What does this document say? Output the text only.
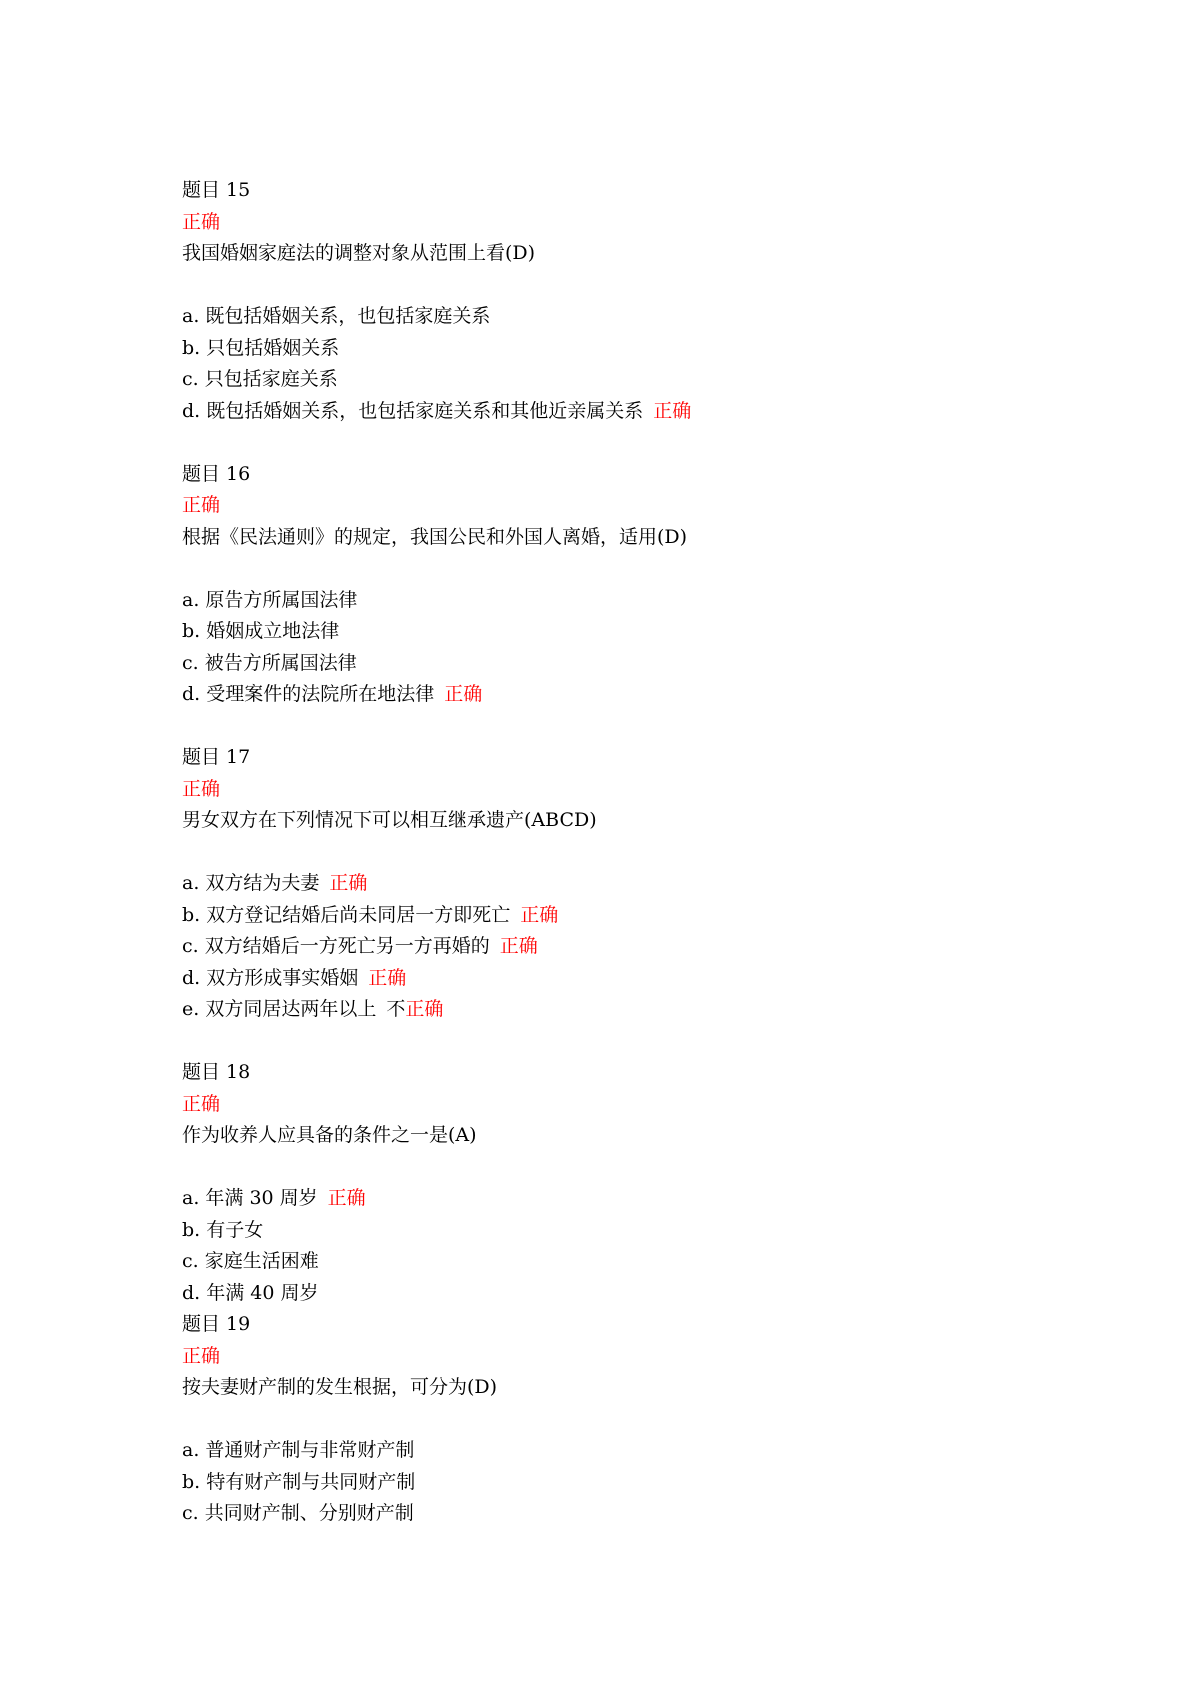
题目 15
正确
我国婚姻家庭法的调整对象从范围上看(D)
a. 既包括婚姻关系，也包括家庭关系
b. 只包括婚姻关系
c. 只包括家庭关系
d. 既包括婚姻关系，也包括家庭关系和其他近亲属关系 正确
题目 16
正确
根据《民法通则》的规定，我国公民和外国人离婚，适用(D)
a. 原告方所属国法律
b. 婚姻成立地法律
c. 被告方所属国法律
d. 受理案件的法院所在地法律 正确
题目 17
正确
男女双方在下列情况下可以相互继承遗产(ABCD)
a. 双方结为夫妻 正确
b. 双方登记结婚后尚未同居一方即死亡 正确
c. 双方结婚后一方死亡另一方再婚的 正确
d. 双方形成事实婚姻 正确
e. 双方同居达两年以上 不正确
题目 18
正确
作为收养人应具备的条件之一是(A)
a. 年满 30 周岁 正确
b. 有子女
c. 家庭生活困难
d. 年满 40 周岁
题目 19
正确
按夫妻财产制的发生根据，可分为(D)
a. 普通财产制与非常财产制
b. 特有财产制与共同财产制
c. 共同财产制、分别财产制
